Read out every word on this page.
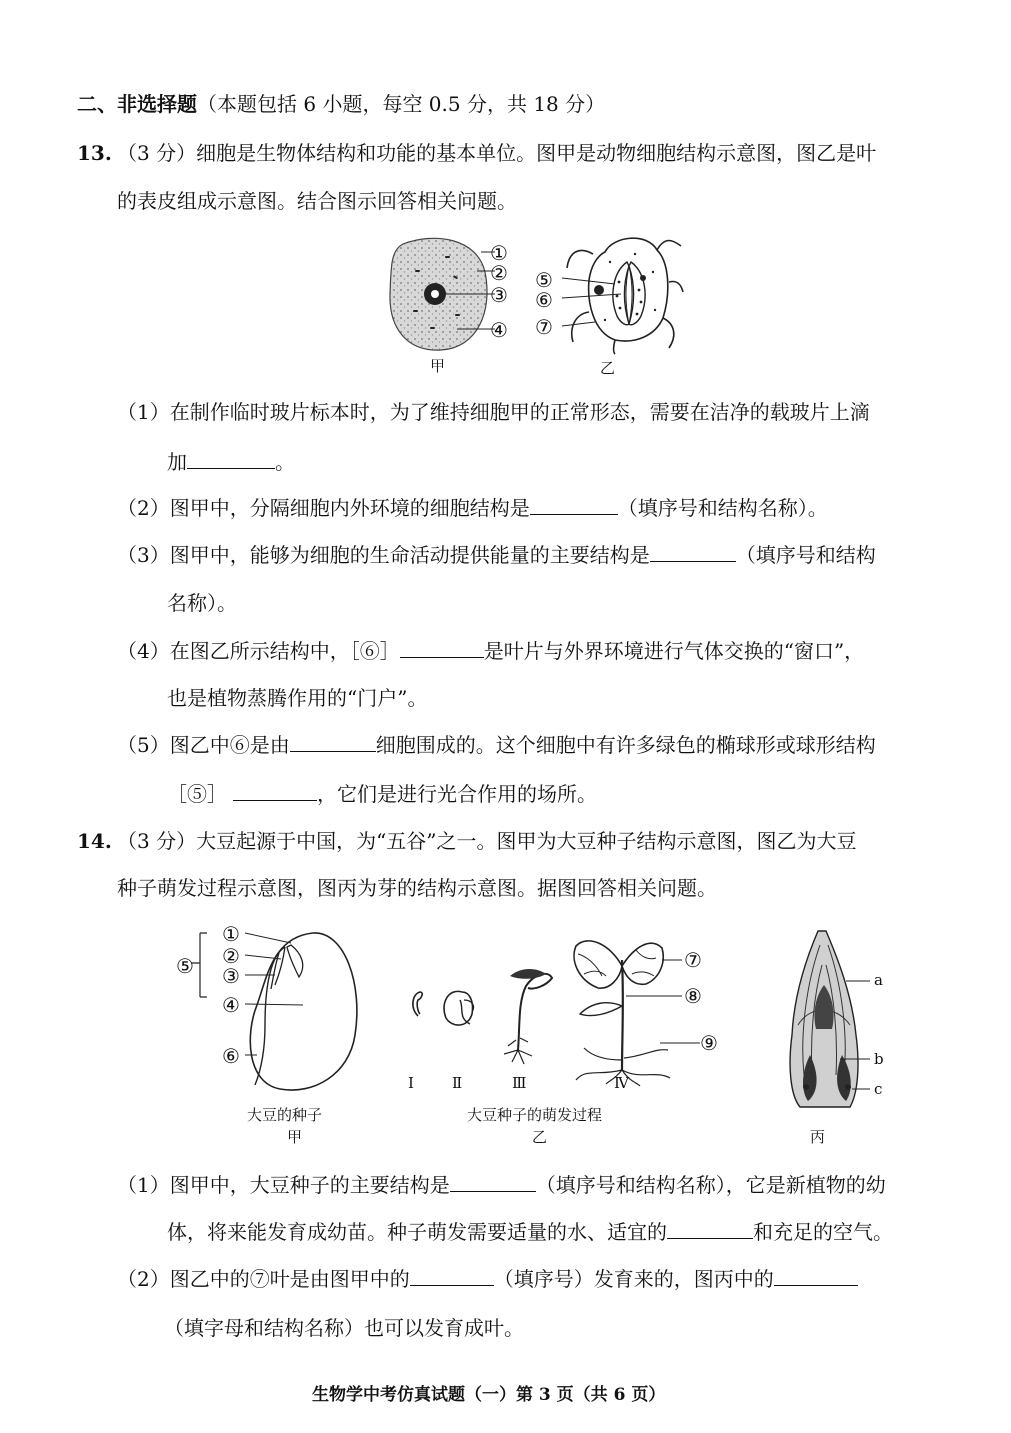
二、非选择题（本题包括 6 小题，每空 0.5 分，共 18 分）
13. （3 分）细胞是生物体结构和功能的基本单位。图甲是动物细胞结构示意图，图乙是叶
的表皮组成示意图。结合图示回答相关问题。
①
②
③
④
甲
⑤
⑥
⑦
乙
（1）在制作临时玻片标本时，为了维持细胞甲的正常形态，需要在洁净的载玻片上滴
加	。
（2）图甲中，分隔细胞内外环境的细胞结构是	（填序号和结构名称）。
（3）图甲中，能够为细胞的生命活动提供能量的主要结构是	（填序号和结构
名称）。
（4）在图乙所示结构中，［⑥］	是叶片与外界环境进行气体交换的“窗口”，
也是植物蒸腾作用的“门户”。
（5）图乙中⑥是由	细胞围成的。这个细胞中有许多绿色的椭球形或球形结构
［⑤］	，它们是进行光合作用的场所。
14. （3 分）大豆起源于中国，为“五谷”之一。图甲为大豆种子结构示意图，图乙为大豆
种子萌发过程示意图，图丙为芽的结构示意图。据图回答相关问题。
①
②
③
⑤
④
⑥
大豆的种子
甲
⑦
⑧
⑨
Ⅰ	Ⅱ	Ⅲ	Ⅳ
大豆种子的萌发过程
乙
a
b
c
丙
（1）图甲中，大豆种子的主要结构是	（填序号和结构名称），它是新植物的幼
体，将来能发育成幼苗。种子萌发需要适量的水、适宜的	和充足的空气。
（2）图乙中的⑦叶是由图甲中的	（填序号）发育来的，图丙中的
（填字母和结构名称）也可以发育成叶。
生物学中考仿真试题（一）第 3 页（共 6 页）
